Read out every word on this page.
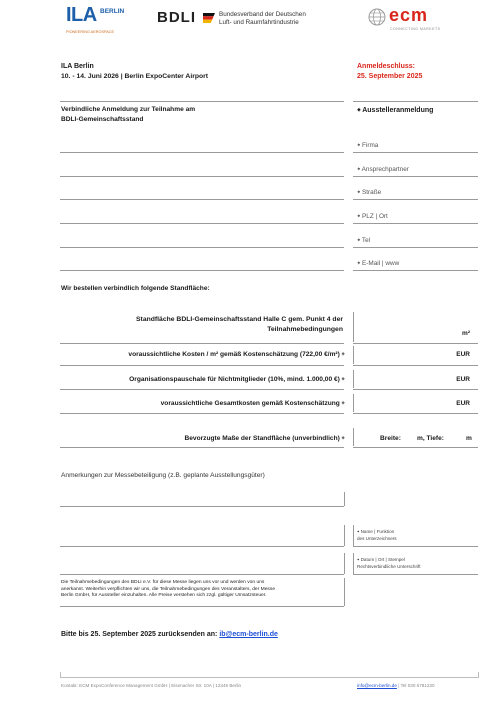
ILA BERLIN
PIONEERING AEROSPACE
BDLI	Bundesverband der Deutschen
Luft- und Raumfahrtindustrie	ecm
CONNECTING MARKETS
ILA Berlin
10. - 14. Juni 2026 | Berlin ExpoCenter Airport
Anmeldeschluss:
25. September 2025
Verbindliche Anmeldung zur Teilnahme am
BDLI-Gemeinschaftsstand
🠸 Ausstelleranmeldung
🠸 Firma
🠸 Ansprechpartner
🠸 Straße
🠸 PLZ | Ort
🠸 Tel
🠸 E-Mail | www
Wir bestellen verbindlich folgende Standfläche:
Standfläche BDLI-Gemeinschaftsstand Halle C gem. Punkt 4 der
Teilnahmebedingungen
m²
voraussichtliche Kosten / m² gemäß Kostenschätzung (722,00 €/m²) 🠺	EUR
Organisationspauschale für Nichtmitglieder (10%, mind. 1.000,00 €) 🠺	EUR
voraussichtliche Gesamtkosten gemäß Kostenschätzung 🠺	EUR
Bevorzugte Maße der Standfläche (unverbindlich) 🠺	Breite: m, Tiefe:	m
Anmerkungen zur Messebeteiligung (z.B. geplante Ausstellungsgüter)
🠸 Name | Funktion
des Unterzeichners
🠸 Datum | Ort | Stempel
Rechtsverbindliche Unterschrift
Die Teilnahmebedingungen des BDLI e.V. für diese Messe liegen uns vor und werden von uns
anerkannt. Weiterhin verpflichten wir uns, die Teilnahmebedingungen des Veranstalters, der Messe
Berlin GmbH, für Aussteller einzuhalten. Alle Preise verstehen sich zzgl. gültiger Umsatzsteuer.
Bitte bis 25. September 2025 zurücksenden an: ib@ecm-berlin.de
Kontakt: ECM ExpoConference Management GmbH | Eisenacher Str. 10A | 12345 Berlin	info@ecm-berlin.de | Tel 030 6781230
